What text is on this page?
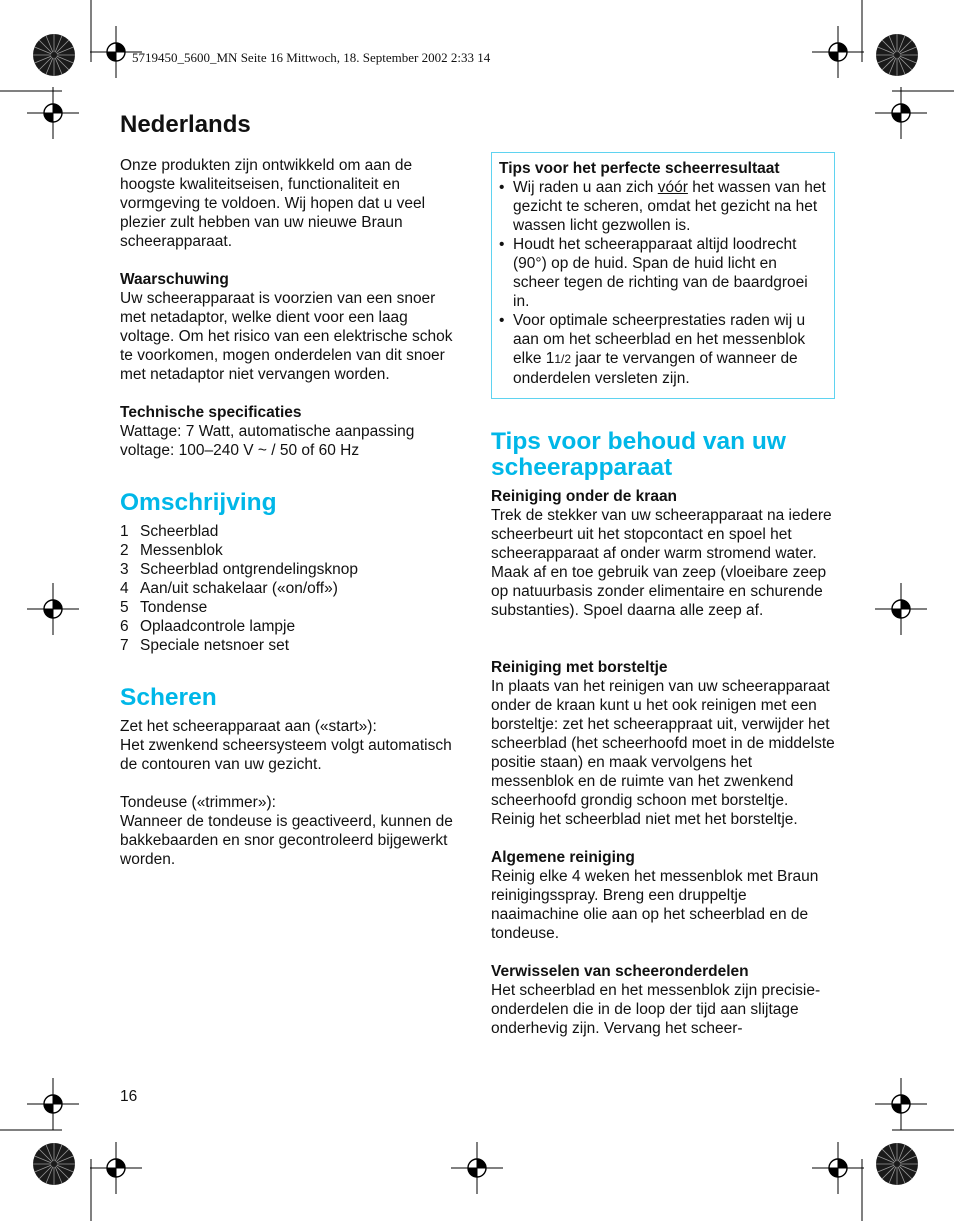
5719450_5600_MN Seite 16 Mittwoch, 18. September 2002 2:33 14
Nederlands

Onze produkten zijn ontwikkeld om aan de hoogste kwaliteitseisen, functionaliteit en vormgeving te voldoen. Wij hopen dat u veel plezier zult hebben van uw nieuwe Braun scheerapparaat.

Waarschuwing

Uw scheerapparaat is voorzien van een snoer met netadaptor, welke dient voor een laag voltage. Om het risico van een elektrische schok te voorkomen, mogen onderdelen van dit snoer met netadaptor niet vervangen worden.

Technische specificaties

Wattage: 7 Watt, automatische aanpassing

voltage: 100–240 V ~ / 50 of 60 Hz

Omschrijving
1 Scheerblad
2 Messenblok
3 Scheerblad ontgrendelingsknop
4 Aan/uit schakelaar («on/off»)
5 Tondense
6 Oplaadcontrole lampje
7 Speciale netsnoer set
Scheren

Zet het scheerapparaat aan («start»):

Het zwenkend scheersysteem volgt automatisch de contouren van uw gezicht.

Tondeuse («trimmer»):

Wanneer de tondeuse is geactiveerd, kunnen de bakkebaarden en snor gecontroleerd bijgewerkt worden.

Tips voor het perfecte scheerresultaat

• Wij raden u aan zich vóór het wassen van het gezicht te scheren, omdat het gezicht na het wassen licht gezwollen is.
• Houdt het scheerapparaat altijd loodrecht (90°) op de huid. Span de huid licht en scheer tegen de richting van de baardgroei in.
• Voor optimale scheerprestaties raden wij u aan om het scheerblad en het messenblok elke 11/2 jaar te vervangen of wanneer de onderdelen versleten zijn.
Tips voor behoud van uw scheerapparaat

Reiniging onder de kraan

Trek de stekker van uw scheerapparaat na iedere scheerbeurt uit het stopcontact en spoel het scheerapparaat af onder warm stromend water. Maak af en toe gebruik van zeep (vloeibare zeep op natuurbasis zonder elimentaire en schurende substanties). Spoel daarna alle zeep af.

Reiniging met borsteltje

In plaats van het reinigen van uw scheerapparaat onder de kraan kunt u het ook reinigen met een borsteltje: zet het scheerappraat uit, verwijder het scheerblad (het scheerhoofd moet in de middelste positie staan) en maak vervolgens het messenblok en de ruimte van het zwenkend scheerhoofd grondig schoon met borsteltje.

Reinig het scheerblad niet met het borsteltje.

Algemene reiniging

Reinig elke 4 weken het messenblok met Braun reinigingsspray. Breng een druppeltje naaimachine olie aan op het scheerblad en de tondeuse.

Verwisselen van scheeronderdelen

Het scheerblad en het messenblok zijn precisie-onderdelen die in de loop der tijd aan slijtage onderhevig zijn. Vervang het scheer-

16
